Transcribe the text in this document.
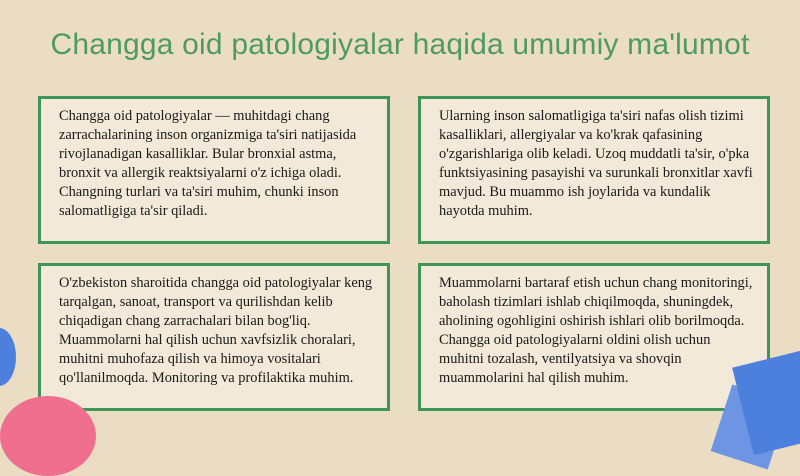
Changga oid patologiyalar haqida umumiy ma'lumot
Changga oid patologiyalar — muhitdagi chang zarrachalarining inson organizmiga ta'siri natijasida rivojlanadigan kasalliklar. Bular bronxial astma, bronxit va allergik reaktsiyalarni o'z ichiga oladi. Changning turlari va ta'siri muhim, chunki inson salomatligiga ta'sir qiladi.
Ularning inson salomatligiga ta'siri nafas olish tizimi kasalliklari, allergiyalar va ko'krak qafasining o'zgarishlariga olib keladi. Uzoq muddatli ta'sir, o'pka funktsiyasining pasayishi va surunkali bronxitlar xavfi mavjud. Bu muammo ish joylarida va kundalik hayotda muhim.
O'zbekiston sharoitida changga oid patologiyalar keng tarqalgan, sanoat, transport va qurilishdan kelib chiqadigan chang zarrachalari bilan bog'liq. Muammolarni hal qilish uchun xavfsizlik choralari, muhitni muhofaza qilish va himoya vositalari qo'llanilmoqda. Monitoring va profilaktika muhim.
Muammolarni bartaraf etish uchun chang monitoringi, baholash tizimlari ishlab chiqilmoqda, shuningdek, aholining ogohligini oshirish ishlari olib borilmoqda. Changga oid patologiyalarni oldini olish uchun muhitni tozalash, ventilyatsiya va shovqin muammolarini hal qilish muhim.
